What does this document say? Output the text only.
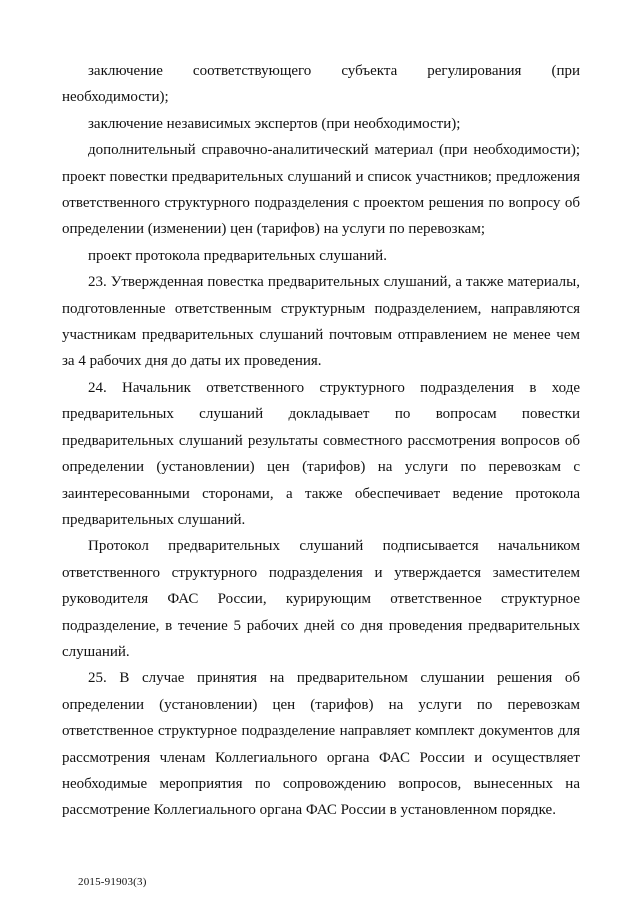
заключение соответствующего субъекта регулирования (при необходимости);

заключение независимых экспертов (при необходимости);

дополнительный справочно-аналитический материал (при необходимости); проект повестки предварительных слушаний и список участников; предложения ответственного структурного подразделения с проектом решения по вопросу об определении (изменении) цен (тарифов) на услуги по перевозкам;

проект протокола предварительных слушаний.

23. Утвержденная повестка предварительных слушаний, а также материалы, подготовленные ответственным структурным подразделением, направляются участникам предварительных слушаний почтовым отправлением не менее чем за 4 рабочих дня до даты их проведения.

24. Начальник ответственного структурного подразделения в ходе предварительных слушаний докладывает по вопросам повестки предварительных слушаний результаты совместного рассмотрения вопросов об определении (установлении) цен (тарифов) на услуги по перевозкам с заинтересованными сторонами, а также обеспечивает ведение протокола предварительных слушаний.

Протокол предварительных слушаний подписывается начальником ответственного структурного подразделения и утверждается заместителем руководителя ФАС России, курирующим ответственное структурное подразделение, в течение 5 рабочих дней со дня проведения предварительных слушаний.

25. В случае принятия на предварительном слушании решения об определении (установлении) цен (тарифов) на услуги по перевозкам ответственное структурное подразделение направляет комплект документов для рассмотрения членам Коллегиального органа ФАС России и осуществляет необходимые мероприятия по сопровождению вопросов, вынесенных на рассмотрение Коллегиального органа ФАС России в установленном порядке.

2015-91903(3)
